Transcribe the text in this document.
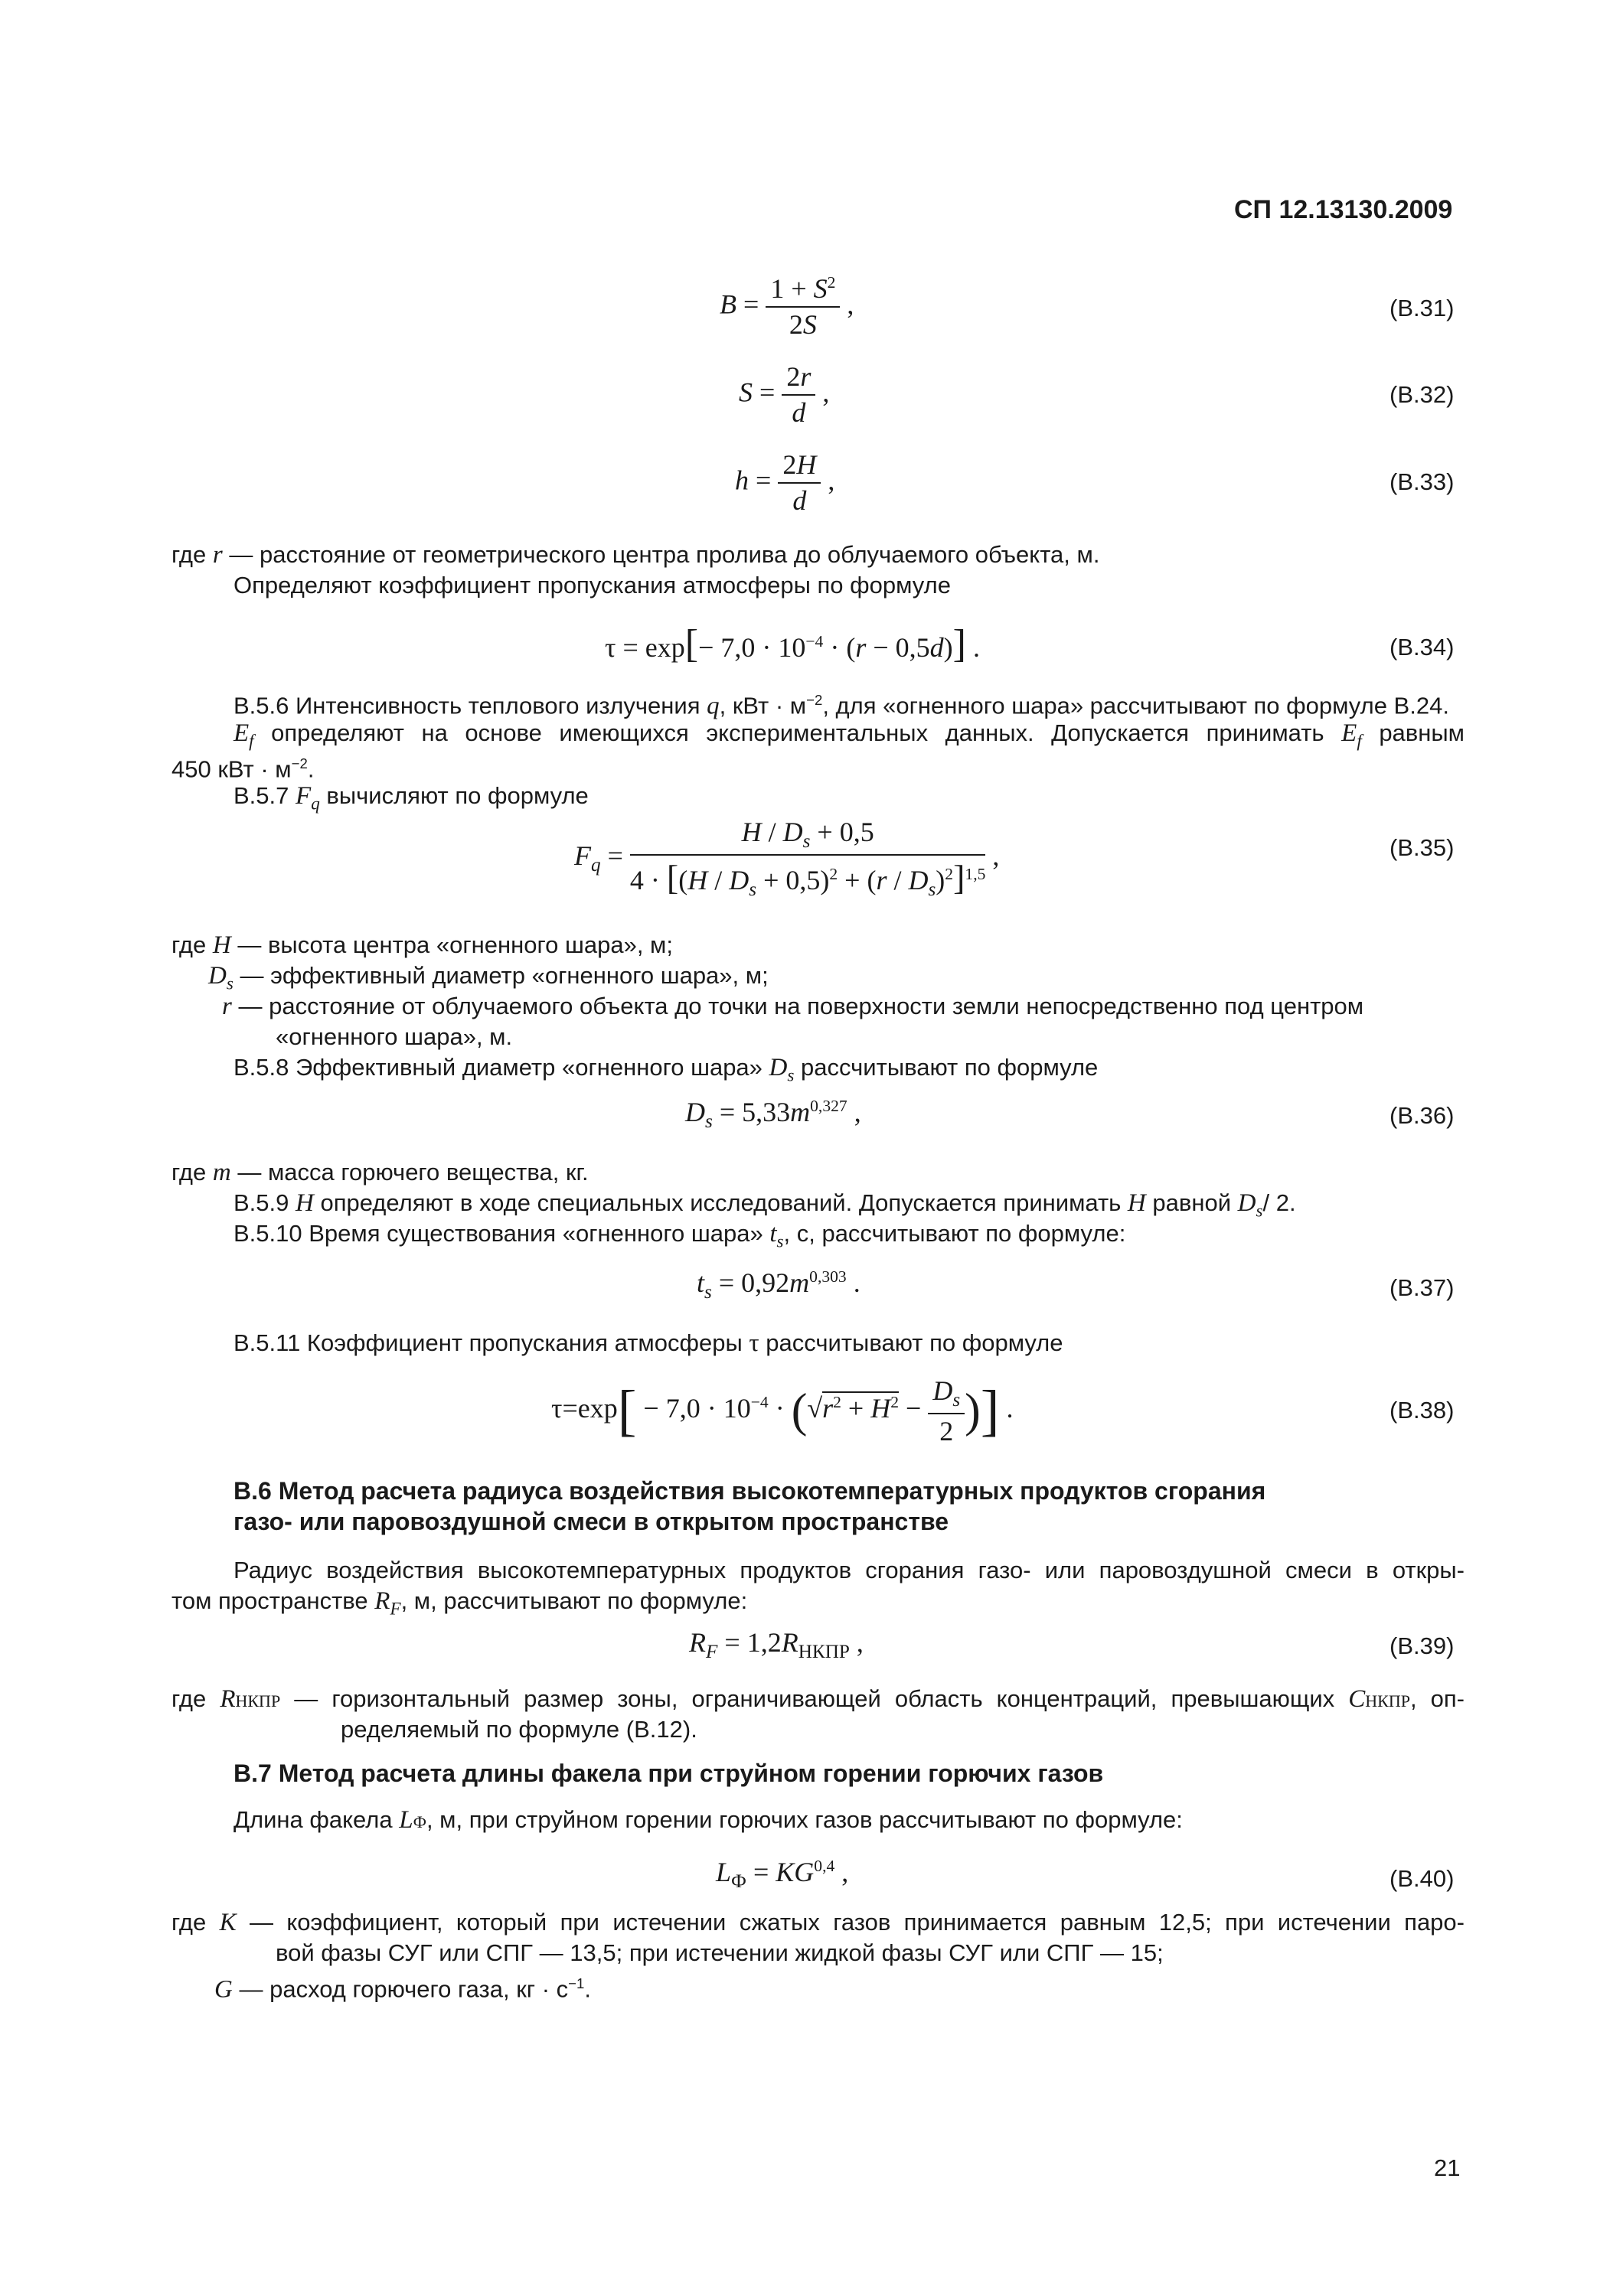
СП 12.13130.2009
$B = \frac{1 + S^2}{2S}$ ,	(В.31)
$S = \frac{2r}{d}$ ,	(В.32)
$h = \frac{2H}{d}$ ,	(В.33)
где r — расстояние от геометрического центра пролива до облучаемого объекта, м.
Определяют коэффициент пропускания атмосферы по формуле
$\tau = \exp[- 7,0 \cdot 10^{-4} \cdot (r - 0,5d)]$ .	(В.34)
В.5.6 Интенсивность теплового излучения q, кВт · $м^{-2}$, для «огненного шара» рассчитывают по формуле В.24.
$E_f$ определяют на основе имеющихся экспериментальных данных. Допускается принимать $E_f$ равным
450 кВт · $м^{-2}$.
В.5.7 $F_q$ вычисляют по формуле
$F_q = \frac{H / D_s + 0,5}{4 \cdot [(H / D_s + 0,5)^2 + (r / D_s)^2]^{1,5}}$ ,	(В.35)
где H — высота центра «огненного шара», м;
$D_s$ — эффективный диаметр «огненного шара», м;
r — расстояние от облучаемого объекта до точки на поверхности земли непосредственно под центром
«огненного шара», м.
В.5.8 Эффективный диаметр «огненного шара» $D_s$ рассчитывают по формуле
$D_s = 5,33m^{0,327}$ ,	(В.36)
где m — масса горючего вещества, кг.
В.5.9 H определяют в ходе специальных исследований. Допускается принимать H равной $D_s/$ 2.
В.5.10 Время существования «огненного шара» $t_s$, с, рассчитывают по формуле:
$t_s = 0,92m^{0,303}$ .	(В.37)
В.5.11 Коэффициент пропускания атмосферы τ рассчитывают по формуле
$\tau=\exp[ - 7,0 \cdot 10^{-4} \cdot (√r^2 + H^2 - \frac{D_s}{2}$ )] .	(В.38)
В.6 Метод расчета радиуса воздействия высокотемпературных продуктов сгорания
газо- или паровоздушной смеси в открытом пространстве
Радиус воздействия высокотемпературных продуктов сгорания газо- или паровоздушной смеси в откры-
том пространстве $R_F$, м, рассчитывают по формуле:
$R_F = 1,2R_{НКПР}$ ,	(В.39)
где RНКПР — горизонтальный размер зоны, ограничивающей область концентраций, превышающих CНКПР, оп-
ределяемый по формуле (В.12).
В.7 Метод расчета длины факела при струйном горении горючих газов
Длина факела LФ, м, при струйном горении горючих газов рассчитывают по формуле:
$L_Ф = KG^{0,4}$ ,	(В.40)
где K — коэффициент, который при истечении сжатых газов принимается равным 12,5; при истечении паро-
вой фазы СУГ или СПГ — 13,5; при истечении жидкой фазы СУГ или СПГ — 15;
G — расход горючего газа, кг · $с^{-1}$.
21
